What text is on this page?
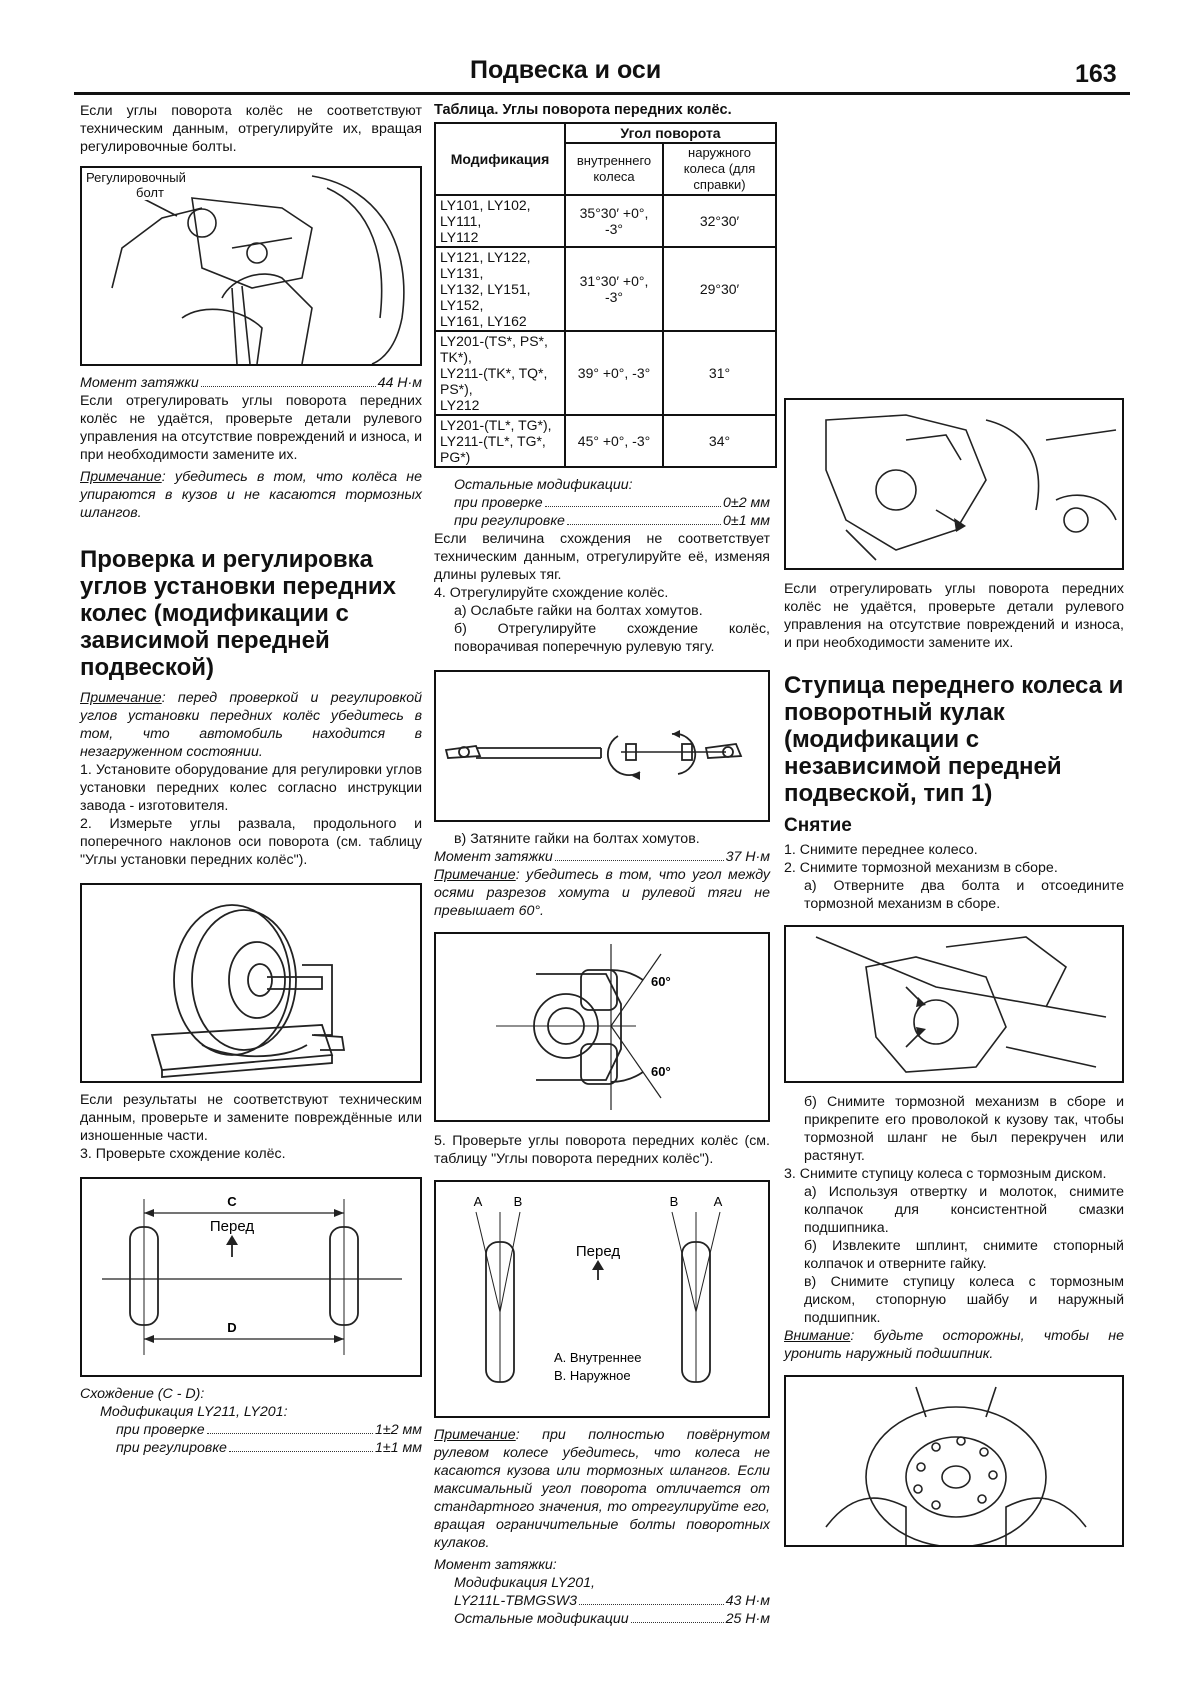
Подвеска и оси	163

Если углы поворота колёс не соответствуют техническим данным, отрегулируйте их, вращая регулировочные болты.

Регулировочный
болт
Момент затяжки	44 Н·м

Если отрегулировать углы поворота передних колёс не удаётся, проверьте детали рулевого управления на отсутствие повреждений и износа, и при необходимости замените их.

Примечание: убедитесь в том, что колёса не упираются в кузов и не касаются тормозных шлангов.

Проверка и регулировка углов установки передних колес (модификации с зависимой передней подвеской)

Примечание: перед проверкой и регулировкой углов установки передних колёс убедитесь в том, что автомобиль находится в незагруженном состоянии.

1. Установите оборудование для регулировки углов установки передних колес согласно инструкции завода - изготовителя.

2. Измерьте углы развала, продольного и поперечного наклонов оси поворота (см. таблицу "Углы установки передних колёс").

Если результаты не соответствуют техническим данным, проверьте и замените повреждённые или изношенные части.

3. Проверьте схождение колёс.

C
D
Перед

Схождение (C - D):

Модификация LY211, LY201:

при проверке	1±2 мм
при регулировке	1±1 мм

Таблица. Углы поворота передних колёс.

Модификация	Угол поворота	
	внутреннего колеса	наружного колеса (для справки)

LY101, LY102, LY111,
LY112	35°30′ +0°, -3°	32°30′

LY121, LY122, LY131,
LY132, LY151, LY152,
LY161, LY162	31°30′ +0°, -3°	29°30′

LY201-(TS*, PS*, TK*),
LY211-(TK*, TQ*, PS*),
LY212	39° +0°, -3°	31°

LY201-(TL*, TG*),
LY211-(TL*, TG*, PG*)	45° +0°, -3°	34°

Остальные модификации:

при проверке	0±2 мм
при регулировке	0±1 мм

Если величина схождения не соответствует техническим данным, отрегулируйте её, изменяя длины рулевых тяг.

4. Отрегулируйте схождение колёс.

а) Ослабьте гайки на болтах хомутов.

б) Отрегулируйте схождение колёс, поворачивая поперечную рулевую тягу.

в) Затяните гайки на болтах хомутов.

Момент затяжки	37 Н·м

Примечание: убедитесь в том, что угол между осями разрезов хомута и рулевой тяги не превышает 60°.

60°
60°

5. Проверьте углы поворота передних колёс (см. таблицу "Углы поворота передних колёс").

A B	B	A
Перед
A. Внутреннее
B. Наружное

Примечание: при полностью повёрнутом рулевом колесе убедитесь, что колеса не касаются кузова или тормозных шлангов. Если максимальный угол поворота отличается от стандартного значения, то отрегулируйте его, вращая ограничительные болты поворотных кулаков.

Момент затяжки:

Модификация LY201,

LY211L-TBMGSW3	43 Н·м
Остальные модификации	25 Н·м

Если отрегулировать углы поворота передних колёс не удаётся, проверьте детали рулевого управления на отсутствие повреждений и износа, и при необходимости замените их.

Ступица переднего колеса и поворотный кулак (модификации с независимой передней подвеской, тип 1)
Снятие

1. Снимите переднее колесо.

2. Снимите тормозной механизм в сборе.

а) Отверните два болта и отсоедините тормозной механизм в сборе.

б) Снимите тормозной механизм в сборе и прикрепите его проволокой к кузову так, чтобы тормозной шланг не был перекручен или растянут.

3. Снимите ступицу колеса с тормозным диском.

а) Используя отвертку и молоток, снимите колпачок для консистентной смазки подшипника.

б) Извлеките шплинт, снимите стопорный колпачок и отверните гайку.

в) Снимите ступицу колеса с тормозным диском, стопорную шайбу и наружный подшипник.

Внимание: будьте осторожны, чтобы не уронить наружный подшипник.
